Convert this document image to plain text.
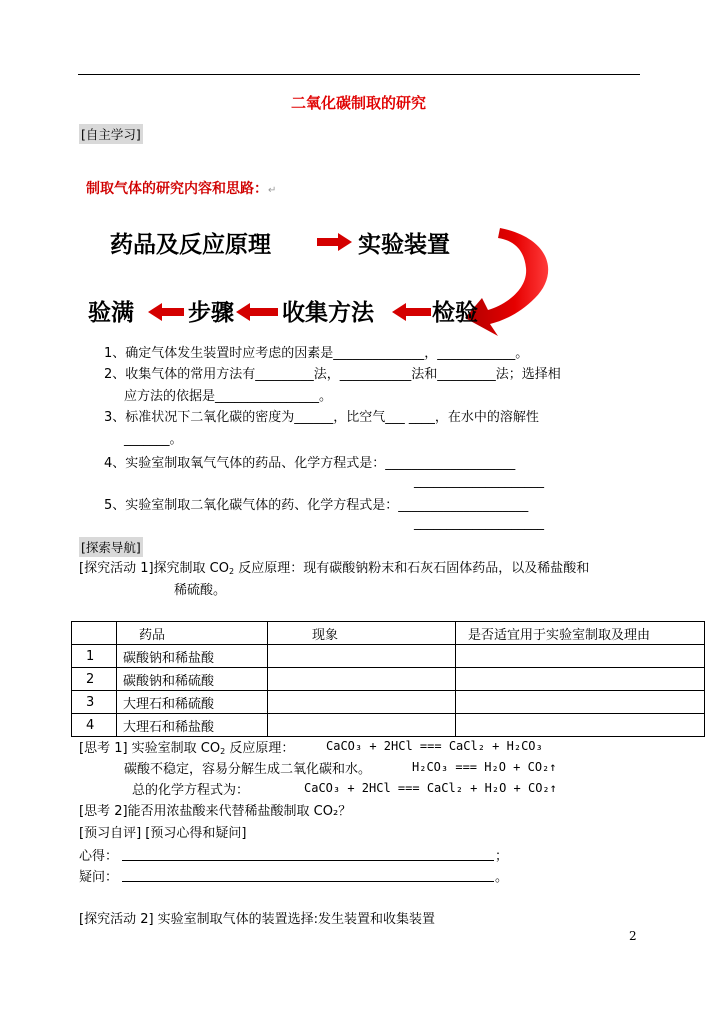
二氧化碳制取的研究
[自主学习]
制取气体的研究内容和思路：↵
药品及反应原理	实验装置
检验
收集方法
步骤
验满
1、确定气体发生装置时应考虑的因素是______________，____________。
2、收集气体的常用方法有_________法，___________法和_________法；选择相
应方法的依据是________________。
3、标准状况下二氧化碳的密度为______，比空气___ ____，在水中的溶解性
_______。
4、实验室制取氧气气体的药品、化学方程式是：____________________
____________________
5、实验室制取二氧化碳气体的药、化学方程式是：____________________
____________________
[探索导航]
[探究活动 1]探究制取 $CO_2$ 反应原理：现有碳酸钠粉末和石灰石固体药品，以及稀盐酸和
稀硫酸。
	药品	现象	是否适宜用于实验室制取及理由
1	碳酸钠和稀盐酸		
2	碳酸钠和稀硫酸		
3	大理石和稀硫酸		
4	大理石和稀盐酸		
[思考 1] 实验室制取 $CO_2$ 反应原理：	CaCO₃ + 2HCl === CaCl₂ + H₂CO₃
碳酸不稳定，容易分解生成二氧化碳和水。	H₂CO₃ === H₂O + CO₂↑
总的化学方程式为：	CaCO₃ + 2HCl === CaCl₂ + H₂O + CO₂↑
[思考 2]能否用浓盐酸来代替稀盐酸制取 CO₂？
[预习自评] [预习心得和疑问]
心得：	；
疑问：	。
[探究活动 2] 实验室制取气体的装置选择:发生装置和收集装置
2
